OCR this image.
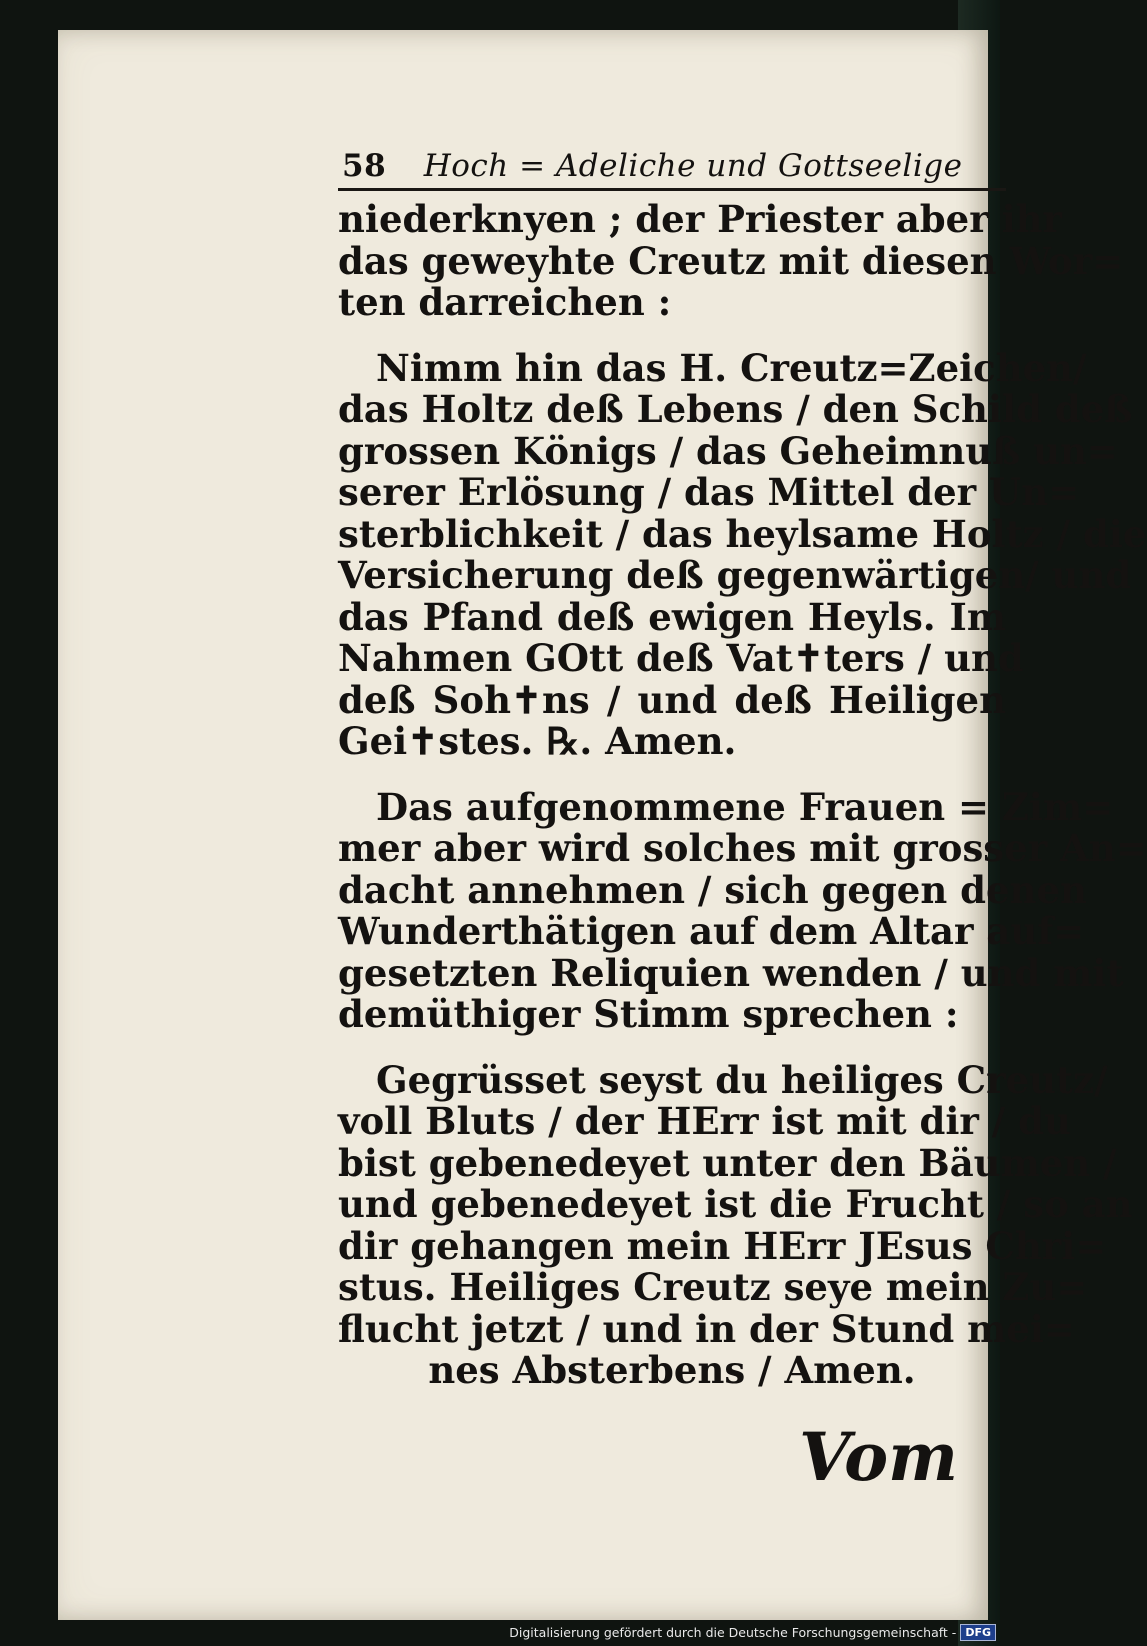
58	Hoch = Adeliche und Gottseelige
niederknyen ; der Priester aber ihr
das geweyhte Creutz mit diesen Wor=
ten darreichen :
Nimm hin das H. Creutz=Zeichen/
das Holtz deß Lebens / den Schild deß
grossen Königs / das Geheimnuß un=
serer Erlösung / das Mittel der Un=
sterblichkeit / das heylsame Holtz / die
Versicherung deß gegenwärtigen/ und
das Pfand deß ewigen Heyls. Im
Nahmen GOtt deß Vat✝ters / und
deß Soh✝ns / und deß Heiligen
Gei✝stes. ℞. Amen.
Das aufgenommene Frauen = Zim=
mer aber wird solches mit grosser An=
dacht annehmen / sich gegen denen
Wunderthätigen auf dem Altar auf=
gesetzten Reliquien wenden / und mit
demüthiger Stimm sprechen :
Gegrüsset seyst du heiliges Creutz/
voll Bluts / der HErr ist mit dir / du
bist gebenedeyet unter den Bäumen /
und gebenedeyet ist die Frucht / so an
dir gehangen mein HErr JEsus Chri=
stus. Heiliges Creutz seye mein Zu=
flucht jetzt / und in der Stund mei=
nes Absterbens / Amen.
Vom
Digitalisierung gefördert durch die Deutsche Forschungsgemeinschaft - DFG
